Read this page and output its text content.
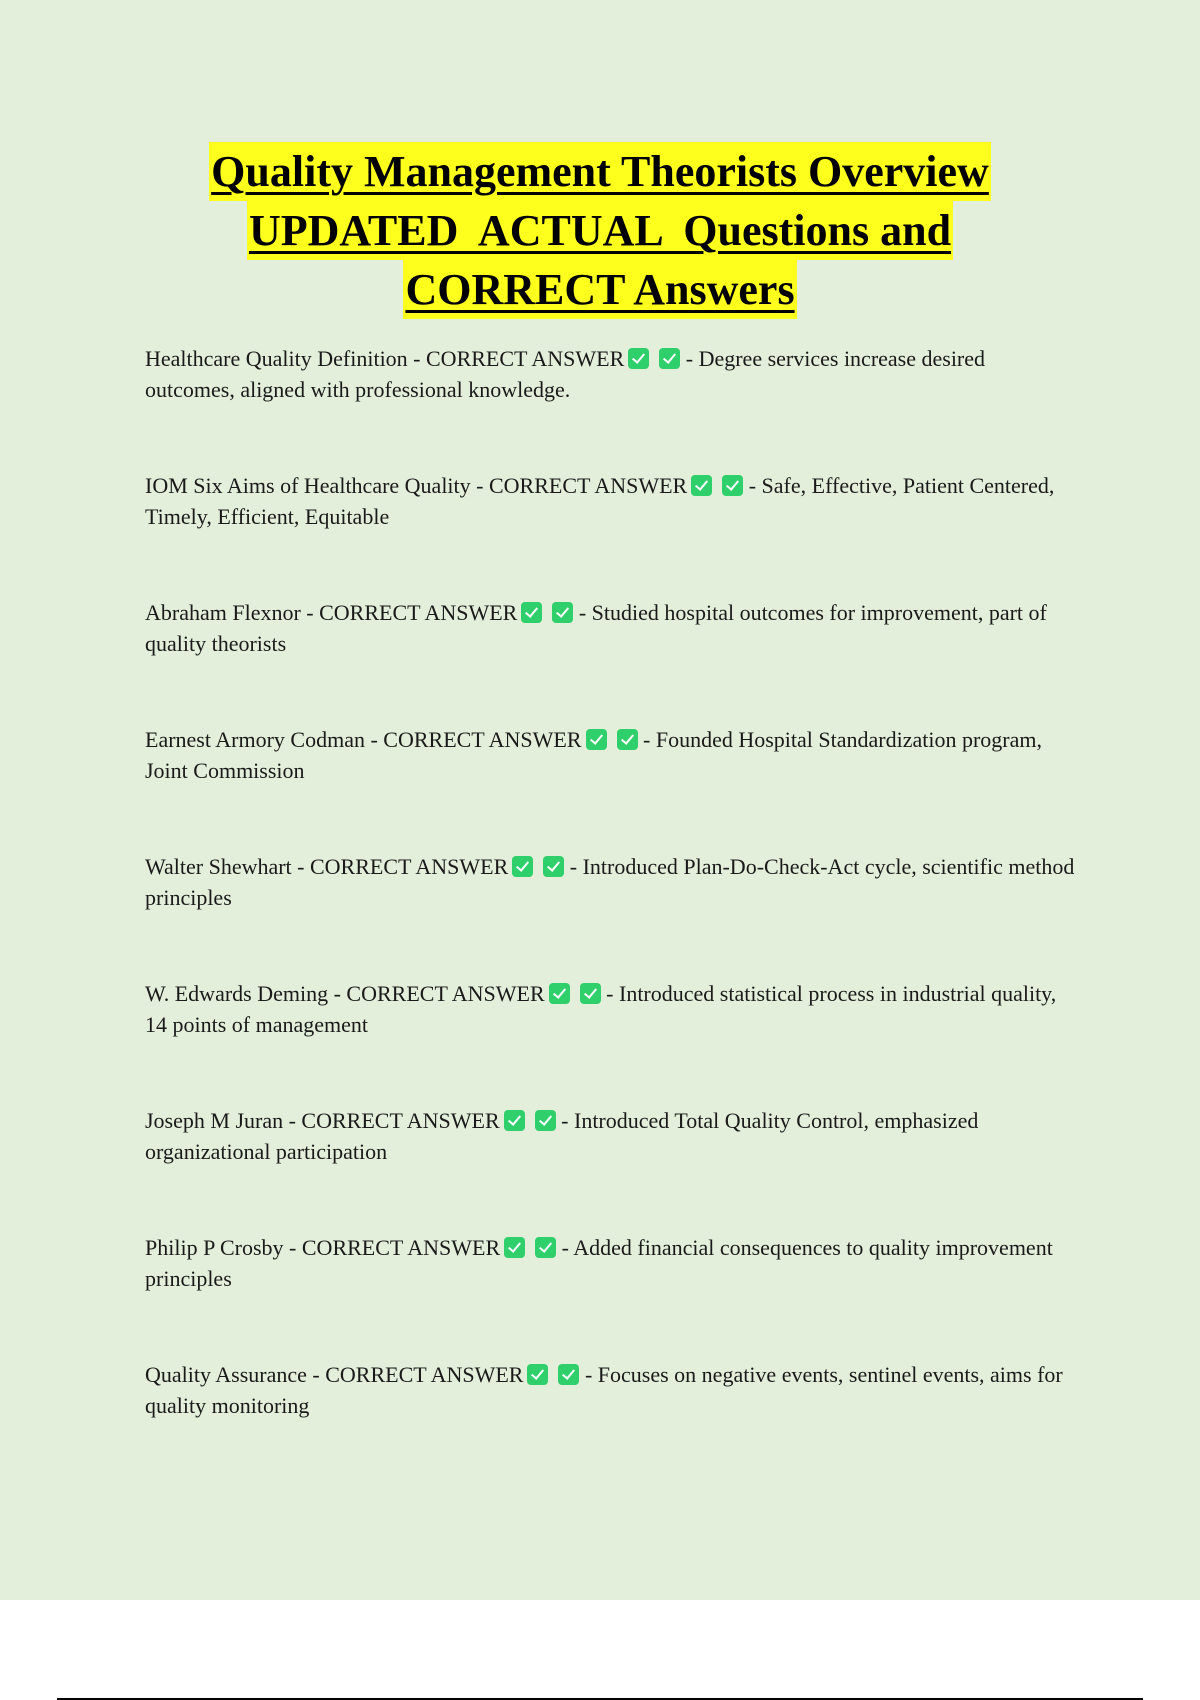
Quality Management Theorists Overview
UPDATED  ACTUAL  Questions and
CORRECT Answers

Healthcare Quality Definition - CORRECT ANSWER	- Degree services increase desired outcomes, aligned with professional knowledge.

IOM Six Aims of Healthcare Quality - CORRECT ANSWER	- Safe, Effective, Patient Centered, Timely, Efficient, Equitable

Abraham Flexnor - CORRECT ANSWER	- Studied hospital outcomes for improvement, part of quality theorists

Earnest Armory Codman - CORRECT ANSWER	- Founded Hospital Standardization program, Joint Commission

Walter Shewhart - CORRECT ANSWER	- Introduced Plan-Do-Check-Act cycle, scientific method principles

W. Edwards Deming - CORRECT ANSWER	- Introduced statistical process in industrial quality, 14 points of management

Joseph M Juran - CORRECT ANSWER	- Introduced Total Quality Control, emphasized organizational participation

Philip P Crosby - CORRECT ANSWER	- Added financial consequences to quality improvement principles

Quality Assurance - CORRECT ANSWER	- Focuses on negative events, sentinel events, aims for quality monitoring
